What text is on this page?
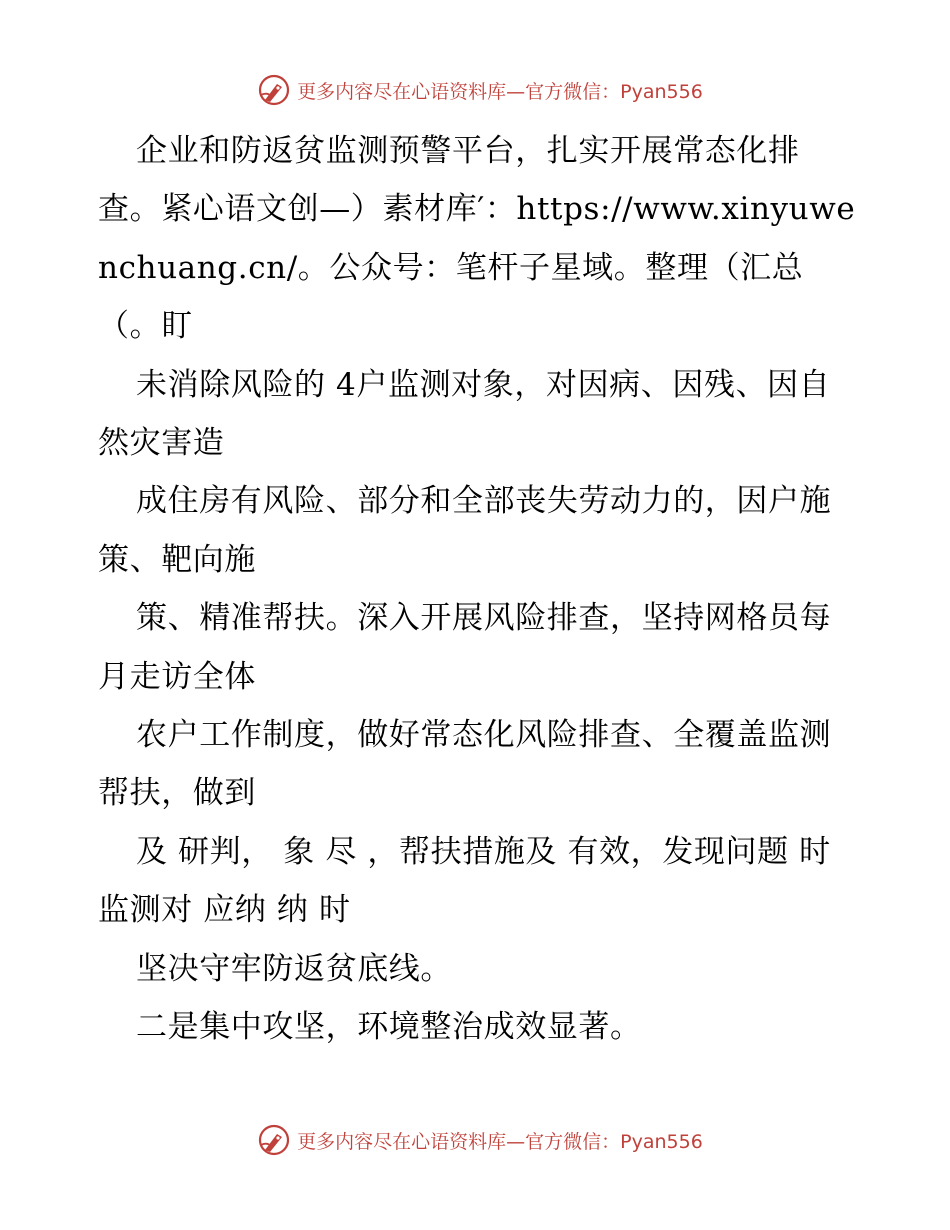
更多内容尽在心语资料库—官方微信：Pyan556

企业和防返贫监测预警平台，扎实开展常态化排查。紧心语文创—）素材库′：https://www.xinyuwenchuang.cn/。公众号：笔杆子星域。整理（汇总（。盯

未消除风险的 4户监测对象，对因病、因残、因自然灾害造

成住房有风险、部分和全部丧失劳动力的，因户施策、靶向施

策、精准帮扶。深入开展风险排查，坚持网格员每月走访全体

农户工作制度，做好常态化风险排查、全覆盖监测帮扶，做到

及 研判， 象 尽 ，帮扶措施及 有效，发现问题 时 监测对 应纳 纳 时

坚决守牢防返贫底线。

二是集中攻坚，环境整治成效显著。

更多内容尽在心语资料库—官方微信：Pyan556
